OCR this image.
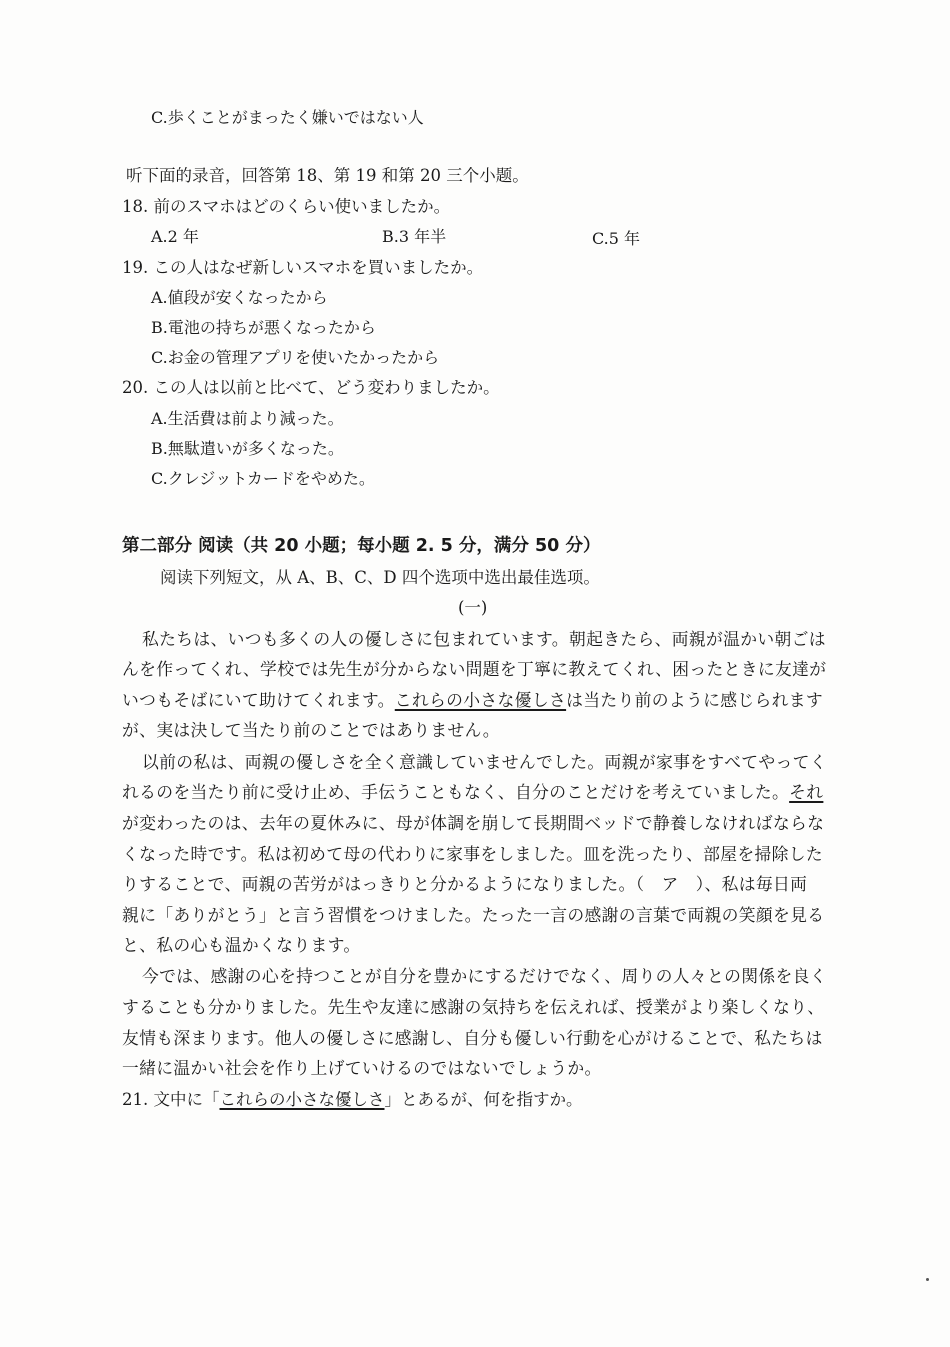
C.歩くことがまったく嫌いではない人
听下面的录音，回答第 18、第 19 和第 20 三个小题。
18. 前のスマホはどのくらい使いましたか。
A.2 年	B.3 年半	C.5 年
19. この人はなぜ新しいスマホを買いましたか。
A.値段が安くなったから
B.電池の持ちが悪くなったから
C.お金の管理アプリを使いたかったから
20. この人は以前と比べて、どう変わりましたか。
A.生活費は前より減った。
B.無駄遣いが多くなった。
C.クレジットカードをやめた。
第二部分 阅读（共 20 小题；每小题 2. 5 分，满分 50 分）
阅读下列短文，从 A、B、C、D 四个选项中选出最佳选项。
(一)
私たちは、いつも多くの人の優しさに包まれています。朝起きたら、両親が温かい朝ごは
んを作ってくれ、学校では先生が分からない問題を丁寧に教えてくれ、困ったときに友達が
いつもそばにいて助けてくれます。これらの小さな優しさは当たり前のように感じられます
が、実は決して当たり前のことではありません。
以前の私は、両親の優しさを全く意識していませんでした。両親が家事をすべてやってく
れるのを当たり前に受け止め、手伝うこともなく、自分のことだけを考えていました。それ
が変わったのは、去年の夏休みに、母が体調を崩して長期間ベッドで静養しなければならな
くなった時です。私は初めて母の代わりに家事をしました。皿を洗ったり、部屋を掃除した
りすることで、両親の苦労がはっきりと分かるようになりました。（　ア　）、私は毎日両
親に「ありがとう」と言う習慣をつけました。たった一言の感謝の言葉で両親の笑顔を見る
と、私の心も温かくなります。
今では、感謝の心を持つことが自分を豊かにするだけでなく、周りの人々との関係を良く
することも分かりました。先生や友達に感謝の気持ちを伝えれば、授業がより楽しくなり、
友情も深まります。他人の優しさに感謝し、自分も優しい行動を心がけることで、私たちは
一緒に温かい社会を作り上げていけるのではないでしょうか。
21. 文中に「これらの小さな優しさ」とあるが、何を指すか。
